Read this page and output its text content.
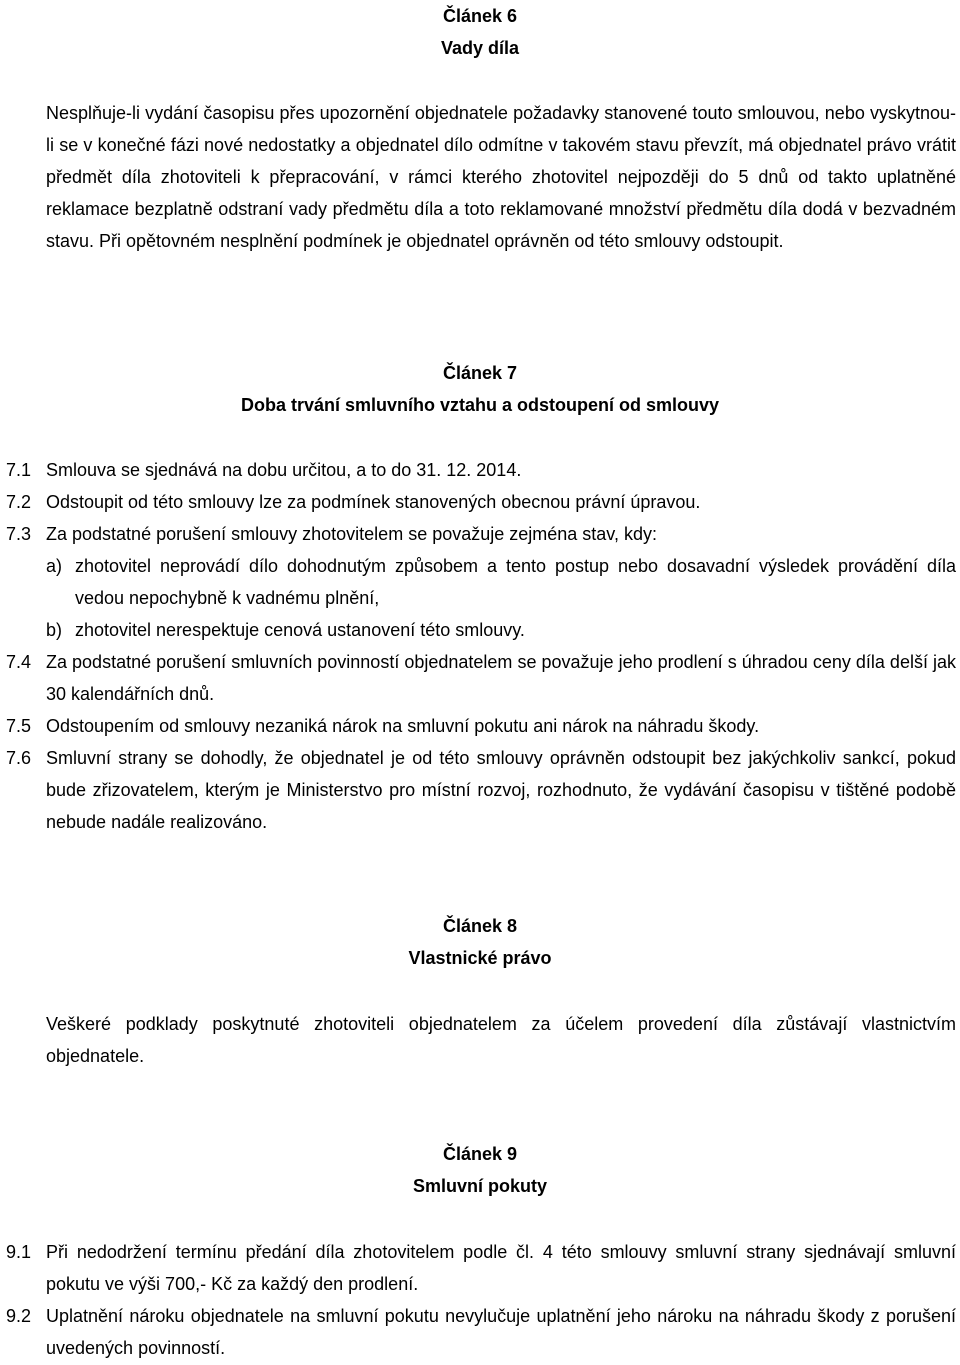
Článek 6

Vady díla

Nesplňuje-li vydání časopisu přes upozornění objednatele požadavky stanovené touto smlouvou, nebo vyskytnou-li se v konečné fázi nové nedostatky a objednatel dílo odmítne v takovém stavu převzít, má objednatel právo vrátit předmět díla zhotoviteli k přepracování, v rámci kterého zhotovitel nejpozději do 5 dnů od takto uplatněné reklamace bezplatně odstraní vady předmětu díla a toto reklamované množství předmětu díla dodá v bezvadném stavu. Při opětovném nesplnění podmínek je objednatel oprávněn od této smlouvy odstoupit.

Článek 7

Doba trvání smluvního vztahu a odstoupení od smlouvy

7.1 Smlouva se sjednává na dobu určitou, a to do 31. 12. 2014.
7.2 Odstoupit od této smlouvy lze za podmínek stanovených obecnou právní úpravou.
7.3 Za podstatné porušení smlouvy zhotovitelem se považuje zejména stav, kdy:
a) zhotovitel neprovádí dílo dohodnutým způsobem a tento postup nebo dosavadní výsledek provádění díla vedou nepochybně k vadnému plnění,
b) zhotovitel nerespektuje cenová ustanovení této smlouvy.
7.4 Za podstatné porušení smluvních povinností objednatelem se považuje jeho prodlení s úhradou ceny díla delší jak 30 kalendářních dnů.
7.5 Odstoupením od smlouvy nezaniká nárok na smluvní pokutu ani nárok na náhradu škody.
7.6 Smluvní strany se dohodly, že objednatel je od této smlouvy oprávněn odstoupit bez jakýchkoliv sankcí, pokud bude zřizovatelem, kterým je Ministerstvo pro místní rozvoj, rozhodnuto, že vydávání časopisu v tištěné podobě nebude nadále realizováno.

Článek 8

Vlastnické právo

Veškeré podklady poskytnuté zhotoviteli objednatelem za účelem provedení díla zůstávají vlastnictvím objednatele.

Článek 9

Smluvní pokuty

9.1 Při nedodržení termínu předání díla zhotovitelem podle čl. 4 této smlouvy smluvní strany sjednávají smluvní pokutu ve výši 700,- Kč za každý den prodlení.
9.2 Uplatnění nároku objednatele na smluvní pokutu nevylučuje uplatnění jeho nároku na náhradu škody z porušení uvedených povinností.
